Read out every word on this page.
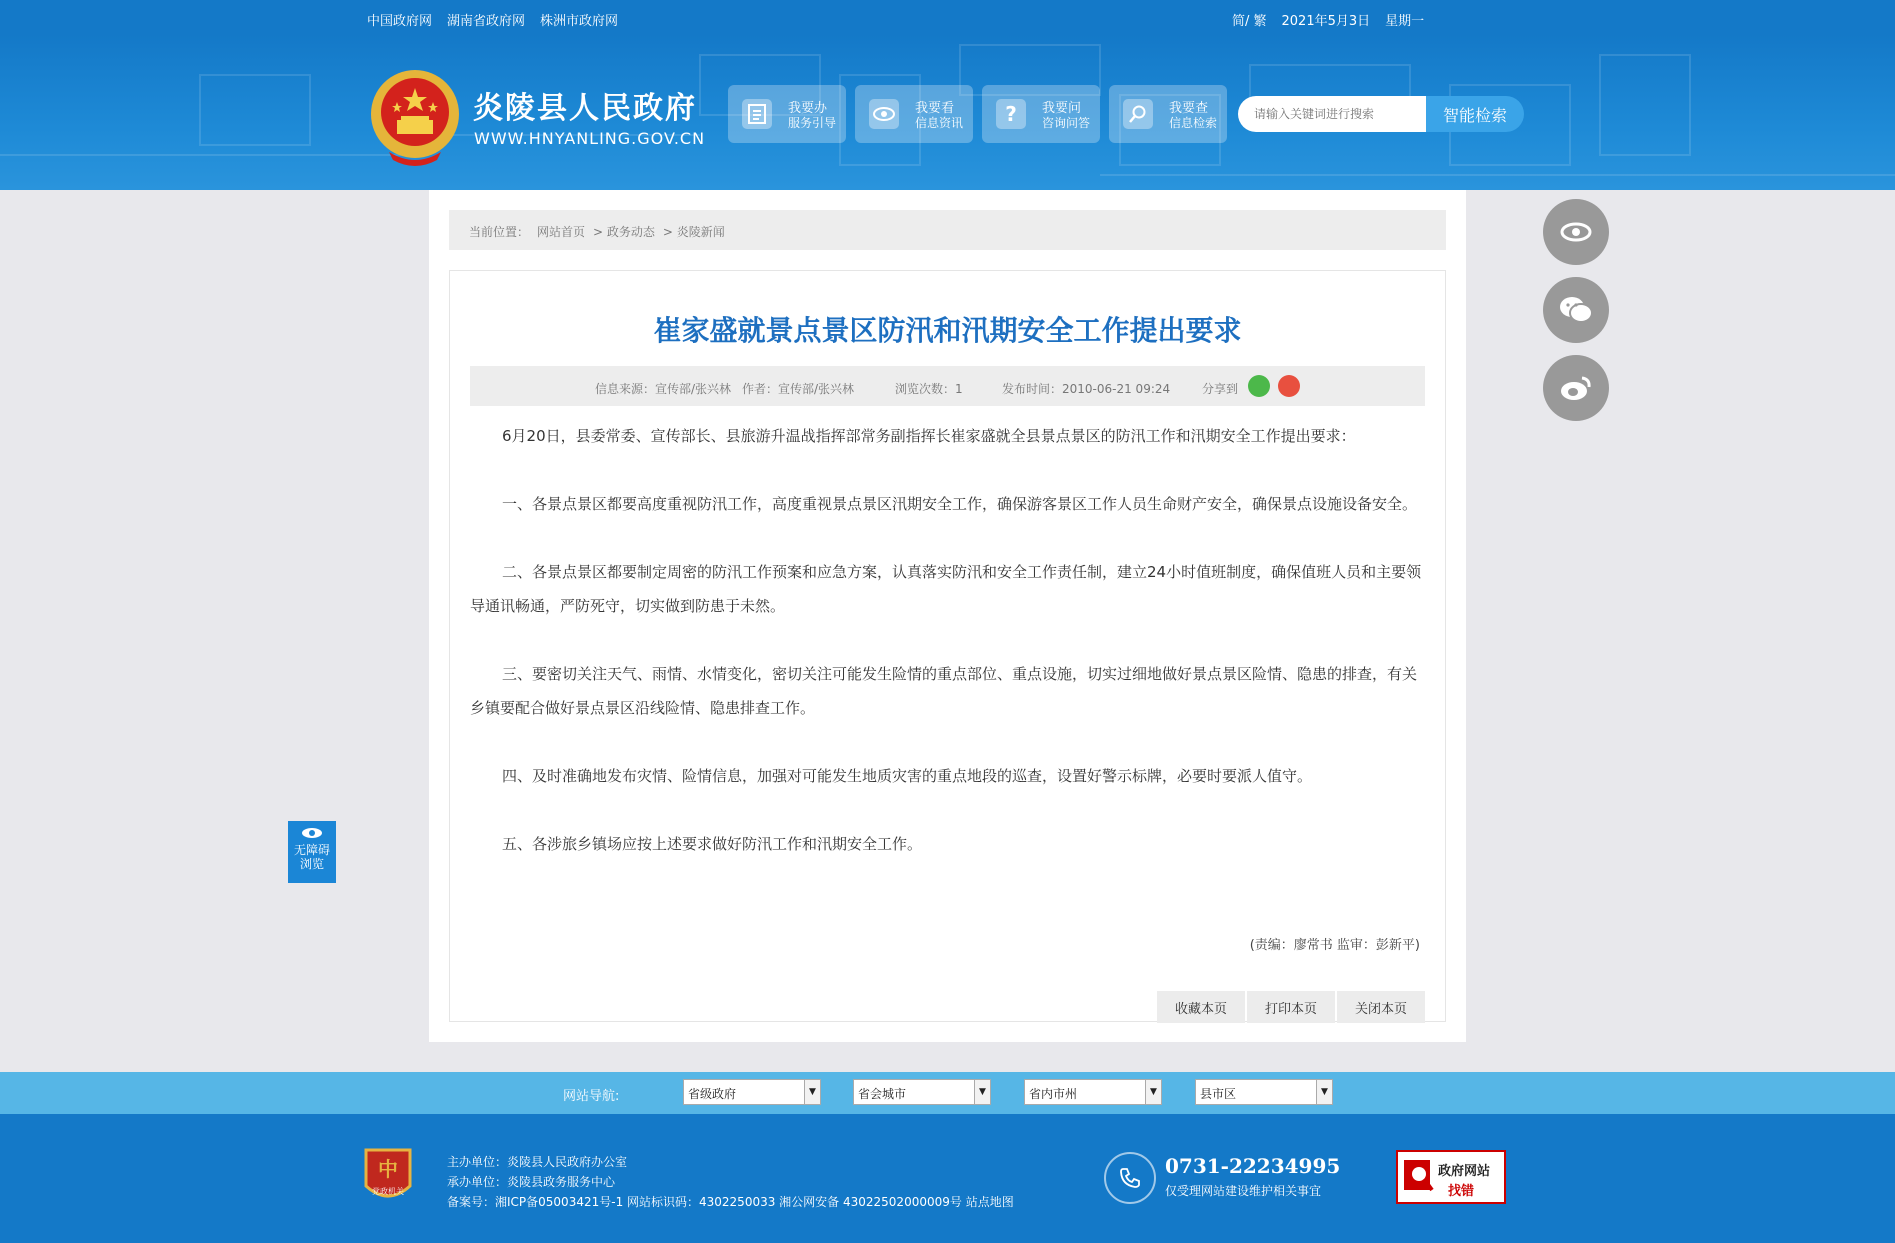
中国政府网 湖南省政府网 株洲市政府网	简/ 繁 2021年5月3日 星期一
炎陵县人民政府
WWW.HNYANLING.GOV.CN
我要办
服务引导
我要看
信息资讯	?	我要问
咨询问答
我要查
信息检索
请输入关键词进行搜索	智能检索
当前位置： 网站首页 > 政务动态 > 炎陵新闻
崔家盛就景点景区防汛和汛期安全工作提出要求
信息来源：宣传部/张兴林 作者：宣传部/张兴林	浏览次数：1	发布时间：2010-06-21 09:24	分享到

6月20日，县委常委、宣传部长、县旅游升温战指挥部常务副指挥长崔家盛就全县景点景区的防汛工作和汛期安全工作提出要求：

一、各景点景区都要高度重视防汛工作，高度重视景点景区汛期安全工作，确保游客景区工作人员生命财产安全，确保景点设施设备安全。

二、各景点景区都要制定周密的防汛工作预案和应急方案，认真落实防汛和安全工作责任制，建立24小时值班制度，确保值班人员和主要领导通讯畅通，严防死守，切实做到防患于未然。

三、要密切关注天气、雨情、水情变化，密切关注可能发生险情的重点部位、重点设施，切实过细地做好景点景区险情、隐患的排查，有关乡镇要配合做好景点景区沿线险情、隐患排查工作。

四、及时准确地发布灾情、险情信息，加强对可能发生地质灾害的重点地段的巡查，设置好警示标牌，必要时要派人值守。

五、各涉旅乡镇场应按上述要求做好防汛工作和汛期安全工作。

(责编：廖常书 监审：彭新平)
收藏本页	打印本页	关闭本页
无障碍
浏览
网站导航:	省级政府	▼	省会城市	▼	省内市州	▼	县市区	▼
中
党政机关
主办单位：炎陵县人民政府办公室
承办单位：炎陵县政务服务中心
备案号：湘ICP备05003421号-1 网站标识码：4302250033 湘公网安备 43022502000009号 站点地图
0731-22234995
仅受理网站建设维护相关事宜
政府网站
找错
